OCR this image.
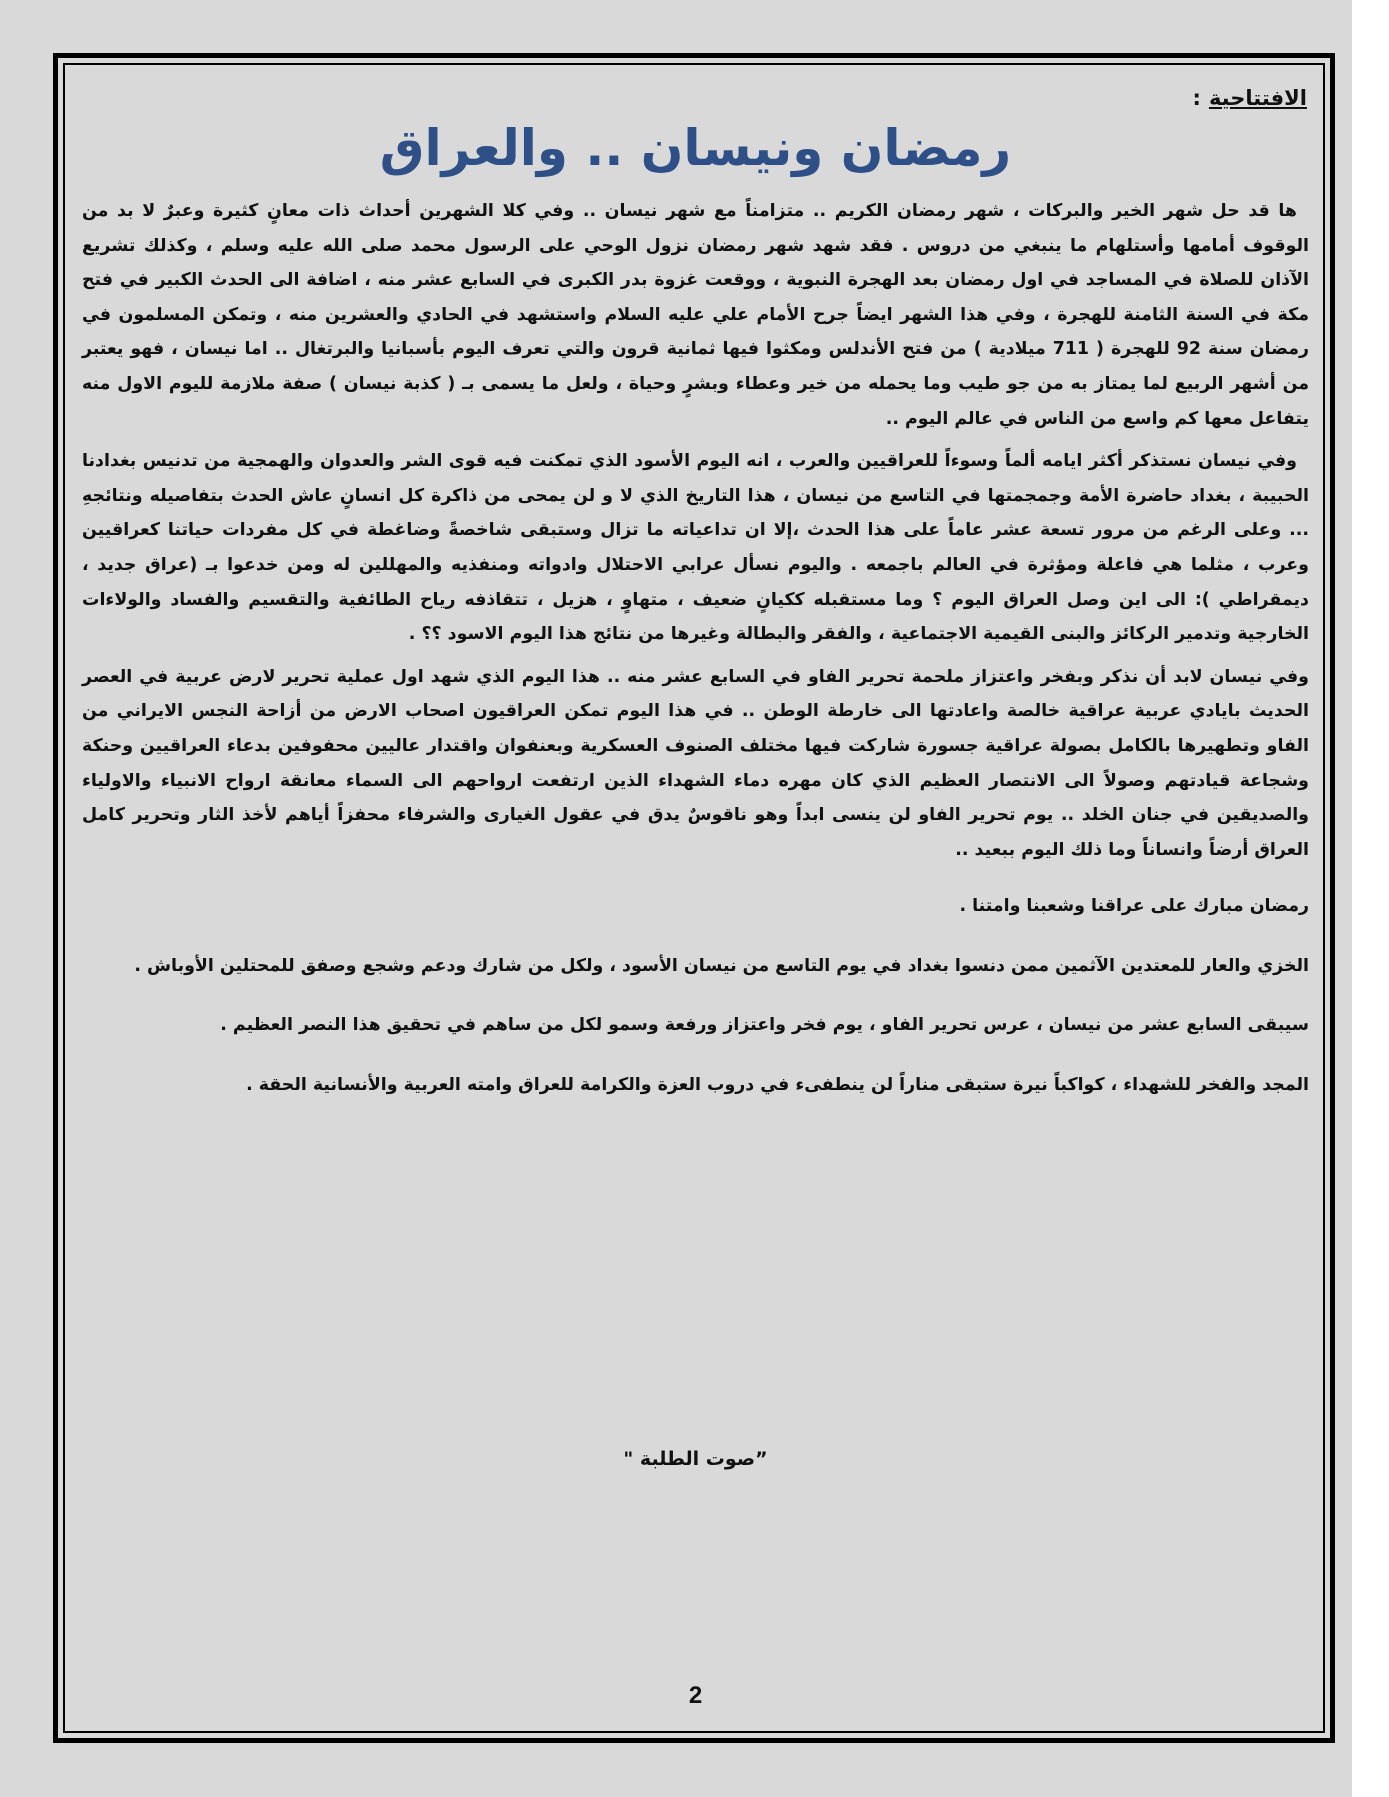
الافتتاحية:
رمضان ونيسان .. والعراق

ها قد حل شهر الخير والبركات ، شهر رمضان الكريم .. متزامناً مع شهر نيسان .. وفي كلا الشهرين أحداث ذات معانٍ كثيرة وعبرٌ لا بد من الوقوف أمامها وأستلهام ما ينبغي من دروس . فقد شهد شهر رمضان نزول الوحي على الرسول محمد صلى الله عليه وسلم ، وكذلك تشريع الآذان للصلاة في المساجد في اول رمضان بعد الهجرة النبوية ، ووقعت غزوة بدر الكبرى في السابع عشر منه ، اضافة الى الحدث الكبير في فتح مكة في السنة الثامنة للهجرة ، وفي هذا الشهر ايضاً جرح الأمام علي عليه السلام واستشهد في الحادي والعشرين منه ، وتمكن المسلمون في رمضان سنة 92 للهجرة ( 711 ميلادية ) من فتح الأندلس ومكثوا فيها ثمانية قرون والتي تعرف اليوم بأسبانيا والبرتغال .. اما نيسان ، فهو يعتبر من أشهر الربيع لما يمتاز به من جو طيب وما يحمله من خير وعطاء وبشرٍ وحياة ، ولعل ما يسمى بـ ( كذبة نيسان ) صفة ملازمة لليوم الاول منه يتفاعل معها كم واسع من الناس في عالم اليوم ..

وفي نيسان نستذكر أكثر ايامه ألماً وسوءاً للعراقيين والعرب ، انه اليوم الأسود الذي تمكنت فيه قوى الشر والعدوان والهمجية من تدنيس بغدادنا الحبيبة ، بغداد حاضرة الأمة وجمجمتها في التاسع من نيسان ، هذا التاريخ الذي لا و لن يمحى من ذاكرة كل انسانٍ عاش الحدث بتفاصيله ونتائجهِ ... وعلى الرغم من مرور تسعة عشر عاماً على هذا الحدث ،إلا ان تداعياته ما تزال وستبقى شاخصةً وضاغطة في كل مفردات حياتنا كعراقيين وعرب ، مثلما هي فاعلة ومؤثرة في العالم باجمعه . واليوم نسأل عرابي الاحتلال وادواته ومنفذيه والمهللين له ومن خدعوا بـ (عراق جديد ، ديمقراطي ): الى اين وصل العراق اليوم ؟ وما مستقبله ككيانٍ ضعيف ، متهاوٍ ، هزيل ، تتقاذفه رياح الطائفية والتقسيم والفساد والولاءات الخارجية وتدمير الركائز والبنى القيمية الاجتماعية ، والفقر والبطالة وغيرها من نتائج هذا اليوم الاسود ؟؟ .

وفي نيسان لابد أن نذكر وبفخر واعتزاز ملحمة تحرير الفاو في السابع عشر منه .. هذا اليوم الذي شهد اول عملية تحرير لارض عربية في العصر الحديث بايادي عربية عراقية خالصة واعادتها الى خارطة الوطن .. في هذا اليوم تمكن العراقيون اصحاب الارض من أزاحة النجس الايراني من الفاو وتطهيرها بالكامل بصولة عراقية جسورة شاركت فيها مختلف الصنوف العسكرية وبعنفوان واقتدار عاليين محفوفين بدعاء العراقيين وحنكة وشجاعة قيادتهم وصولاً الى الانتصار العظيم الذي كان مهره دماء الشهداء الذين ارتفعت ارواحهم الى السماء معانقة ارواح الانبياء والاولياء والصديقين في جنان الخلد .. يوم تحرير الفاو لن ينسى ابداً وهو ناقوسٌ يدق في عقول الغيارى والشرفاء محفزاً أياهم لأخذ الثار وتحرير كامل العراق أرضاً وانساناً وما ذلك اليوم ببعيد ..

رمضان مبارك على عراقنا وشعبنا وامتنا .

الخزي والعار للمعتدين الآثمين ممن دنسوا بغداد في يوم التاسع من نيسان الأسود ، ولكل من شارك ودعم وشجع وصفق للمحتلين الأوباش .

سيبقى السابع عشر من نيسان ، عرس تحرير الفاو ، يوم فخر واعتزاز ورفعة وسمو لكل من ساهم في تحقيق هذا النصر العظيم .

المجد والفخر للشهداء ، كواكباً نيرة ستبقى مناراً لن ينطفىء في دروب العزة والكرامة للعراق وامته العربية والأنسانية الحقة .

”صوت الطلبة "
2
